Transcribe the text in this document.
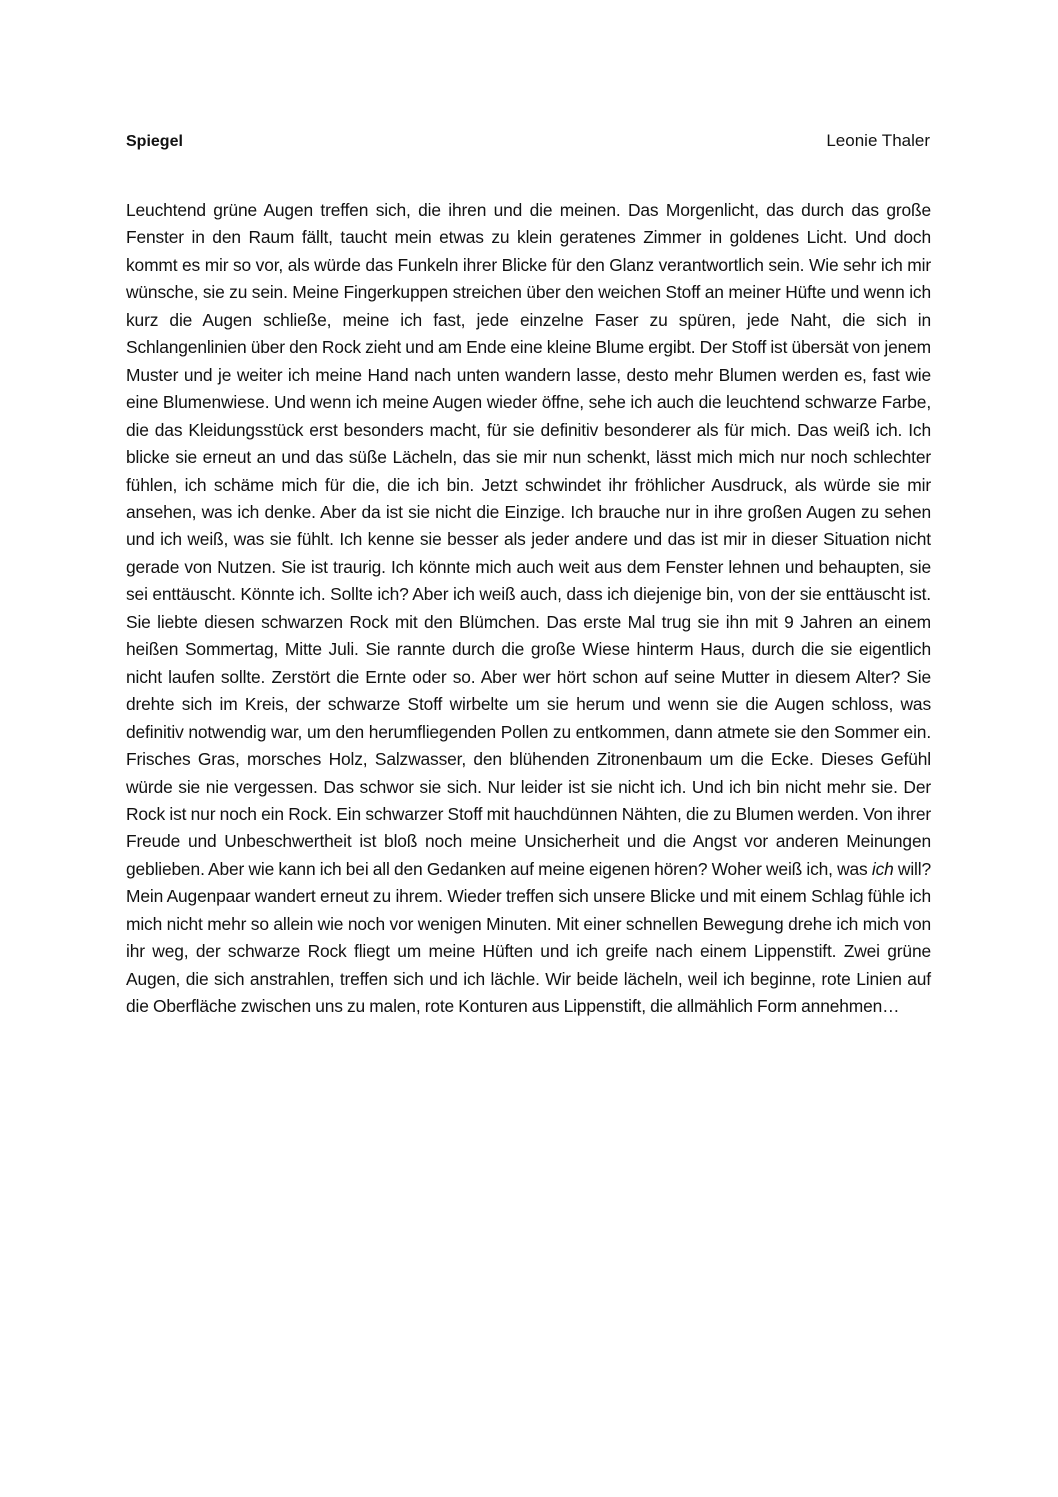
Spiegel	Leonie Thaler

Leuchtend grüne Augen treffen sich, die ihren und die meinen. Das Morgenlicht, das durch das große Fenster in den Raum fällt, taucht mein etwas zu klein geratenes Zimmer in goldenes Licht. Und doch kommt es mir so vor, als würde das Funkeln ihrer Blicke für den Glanz verantwortlich sein. Wie sehr ich mir wünsche, sie zu sein. Meine Fingerkuppen streichen über den weichen Stoff an meiner Hüfte und wenn ich kurz die Augen schließe, meine ich fast, jede einzelne Faser zu spüren, jede Naht, die sich in Schlangenlinien über den Rock zieht und am Ende eine kleine Blume ergibt. Der Stoff ist übersät von jenem Muster und je weiter ich meine Hand nach unten wandern lasse, desto mehr Blumen werden es, fast wie eine Blumenwiese. Und wenn ich meine Augen wieder öffne, sehe ich auch die leuchtend schwarze Farbe, die das Kleidungsstück erst besonders macht, für sie definitiv besonderer als für mich. Das weiß ich. Ich blicke sie erneut an und das süße Lächeln, das sie mir nun schenkt, lässt mich mich nur noch schlechter fühlen, ich schäme mich für die, die ich bin. Jetzt schwindet ihr fröhlicher Ausdruck, als würde sie mir ansehen, was ich denke. Aber da ist sie nicht die Einzige. Ich brauche nur in ihre großen Augen zu sehen und ich weiß, was sie fühlt. Ich kenne sie besser als jeder andere und das ist mir in dieser Situation nicht gerade von Nutzen. Sie ist traurig. Ich könnte mich auch weit aus dem Fenster lehnen und behaupten, sie sei enttäuscht. Könnte ich. Sollte ich? Aber ich weiß auch, dass ich diejenige bin, von der sie enttäuscht ist. Sie liebte diesen schwarzen Rock mit den Blümchen. Das erste Mal trug sie ihn mit 9 Jahren an einem heißen Sommertag, Mitte Juli. Sie rannte durch die große Wiese hinterm Haus, durch die sie eigentlich nicht laufen sollte. Zerstört die Ernte oder so. Aber wer hört schon auf seine Mutter in diesem Alter? Sie drehte sich im Kreis, der schwarze Stoff wirbelte um sie herum und wenn sie die Augen schloss, was definitiv notwendig war, um den herumfliegenden Pollen zu entkommen, dann atmete sie den Sommer ein. Frisches Gras, morsches Holz, Salzwasser, den blühenden Zitronenbaum um die Ecke. Dieses Gefühl würde sie nie vergessen. Das schwor sie sich. Nur leider ist sie nicht ich. Und ich bin nicht mehr sie. Der Rock ist nur noch ein Rock. Ein schwarzer Stoff mit hauchdünnen Nähten, die zu Blumen werden. Von ihrer Freude und Unbeschwertheit ist bloß noch meine Unsicherheit und die Angst vor anderen Meinungen geblieben. Aber wie kann ich bei all den Gedanken auf meine eigenen hören? Woher weiß ich, was ich will? Mein Augenpaar wandert erneut zu ihrem. Wieder treffen sich unsere Blicke und mit einem Schlag fühle ich mich nicht mehr so allein wie noch vor wenigen Minuten. Mit einer schnellen Bewegung drehe ich mich von ihr weg, der schwarze Rock fliegt um meine Hüften und ich greife nach einem Lippenstift. Zwei grüne Augen, die sich anstrahlen, treffen sich und ich lächle. Wir beide lächeln, weil ich beginne, rote Linien auf die Oberfläche zwischen uns zu malen, rote Konturen aus Lippenstift, die allmählich Form annehmen…
